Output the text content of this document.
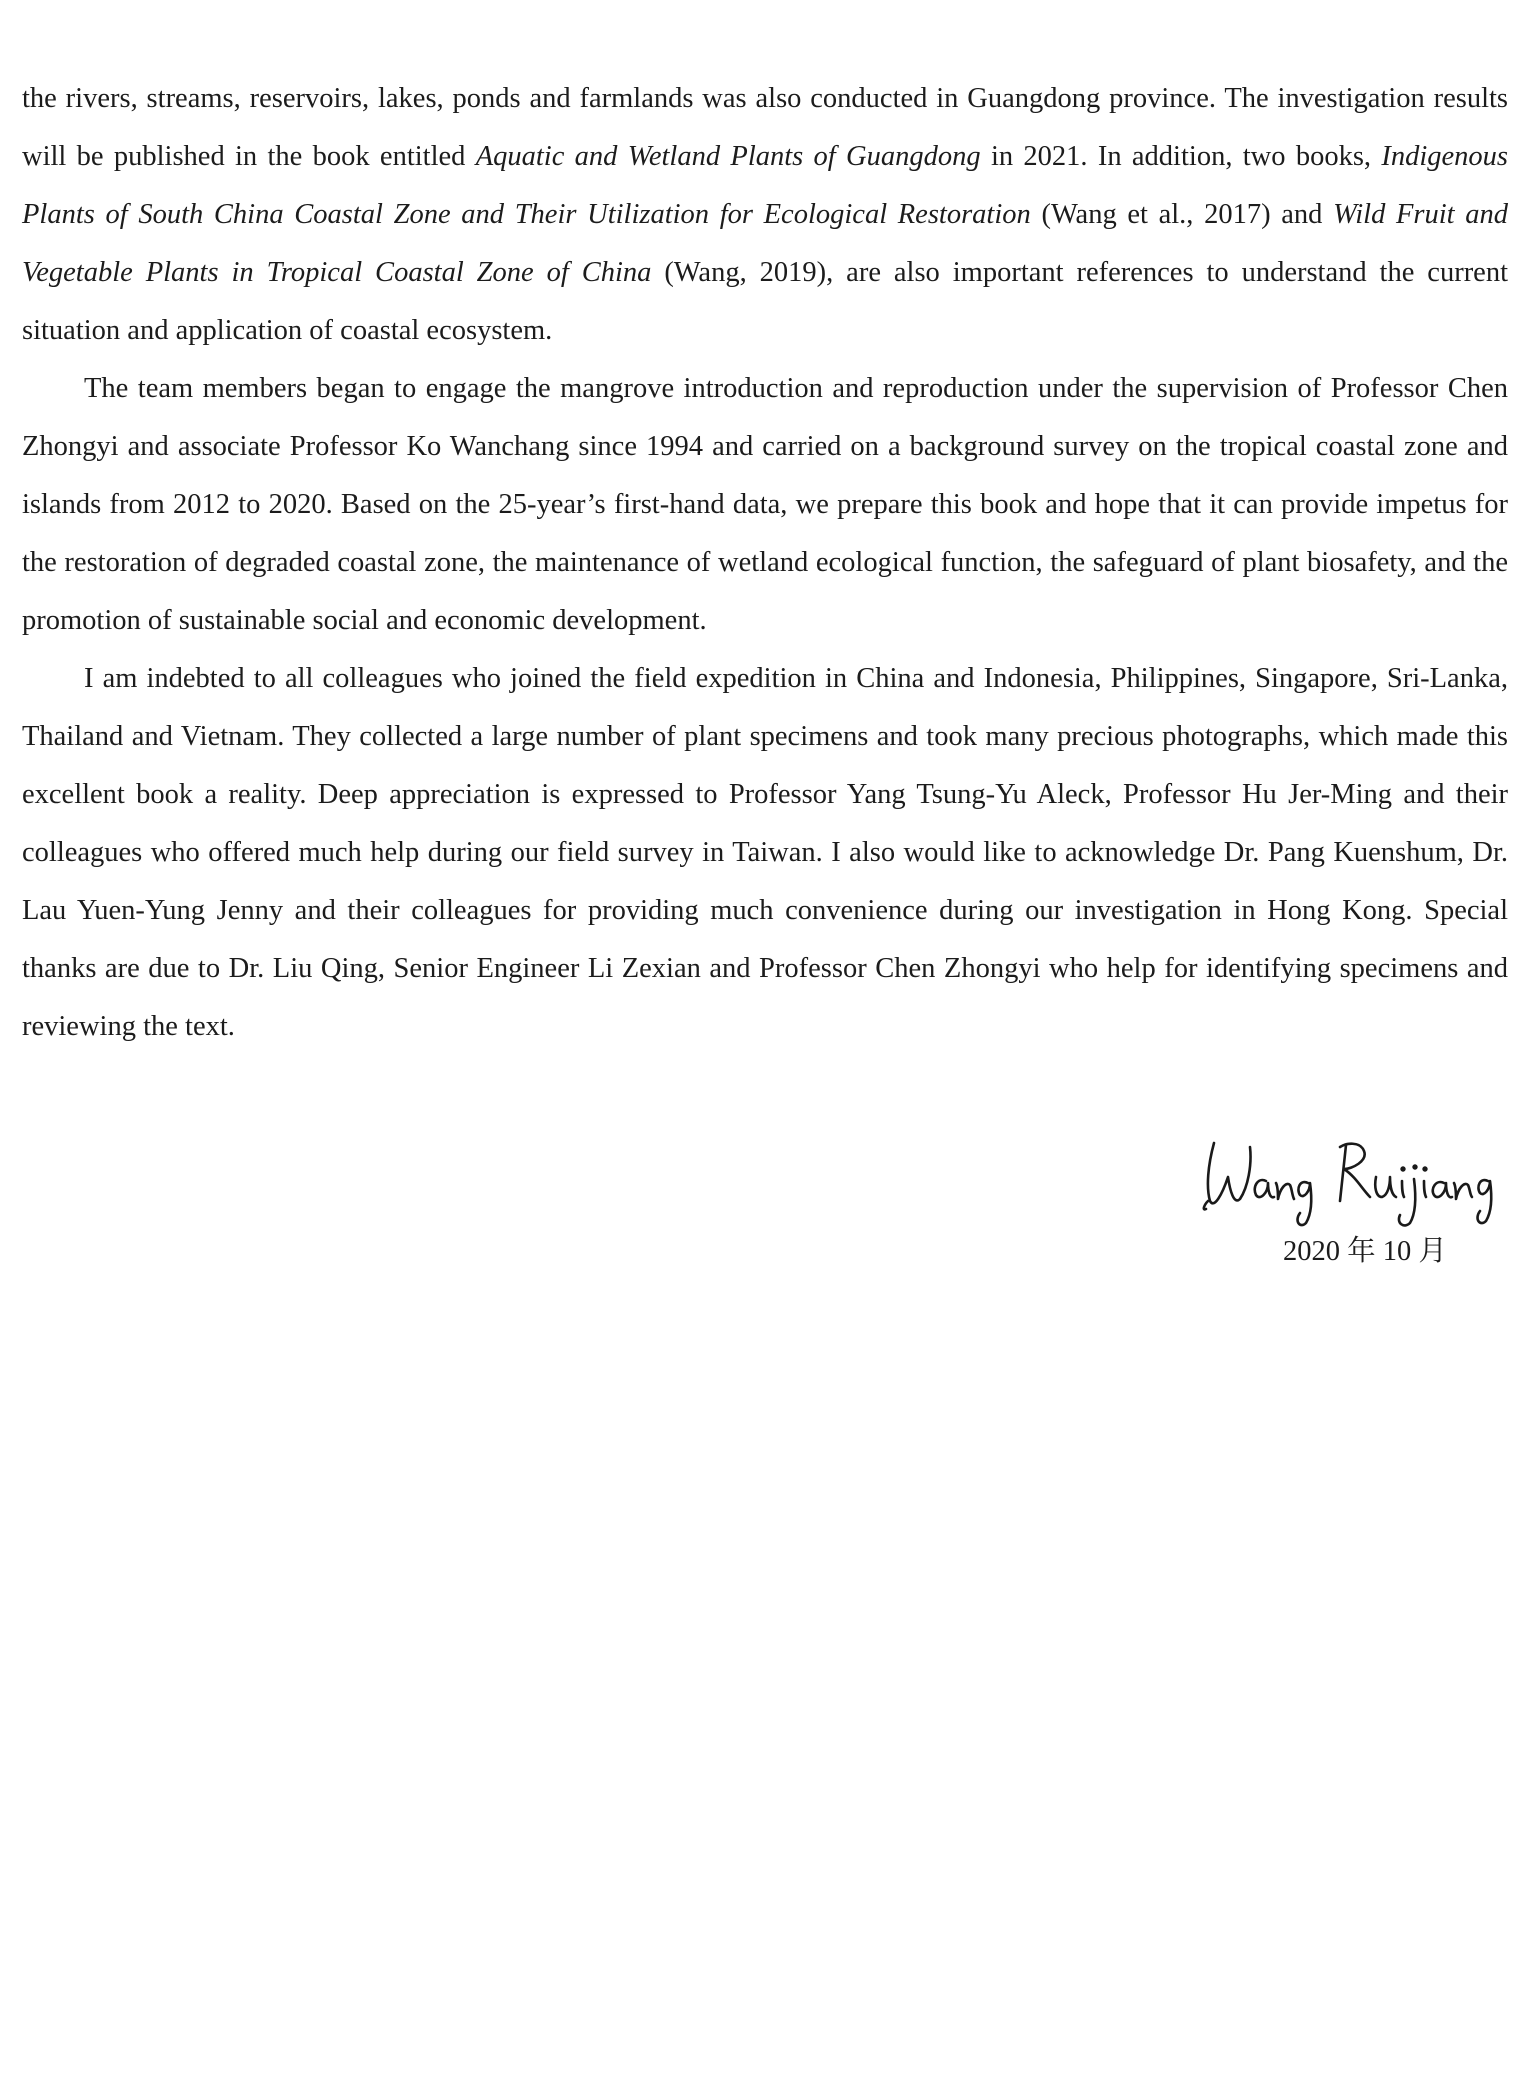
the rivers, streams, reservoirs, lakes, ponds and farmlands was also conducted in Guangdong province. The investigation results will be published in the book entitled Aquatic and Wetland Plants of Guangdong in 2021. In addition, two books, Indigenous Plants of South China Coastal Zone and Their Utilization for Ecological Restoration (Wang et al., 2017) and Wild Fruit and Vegetable Plants in Tropical Coastal Zone of China (Wang, 2019), are also important references to understand the current situation and application of coastal ecosystem.

The team members began to engage the mangrove introduction and reproduction under the supervision of Professor Chen Zhongyi and associate Professor Ko Wanchang since 1994 and carried on a background survey on the tropical coastal zone and islands from 2012 to 2020. Based on the 25-year’s first-hand data, we prepare this book and hope that it can provide impetus for the restoration of degraded coastal zone, the maintenance of wetland ecological function, the safeguard of plant biosafety, and the promotion of sustainable social and economic development.

I am indebted to all colleagues who joined the field expedition in China and Indonesia, Philippines, Singapore, Sri-Lanka, Thailand and Vietnam. They collected a large number of plant specimens and took many precious photographs, which made this excellent book a reality. Deep appreciation is expressed to Professor Yang Tsung-Yu Aleck, Professor Hu Jer-Ming and their colleagues who offered much help during our field survey in Taiwan. I also would like to acknowledge Dr. Pang Kuenshum, Dr. Lau Yuen-Yung Jenny and their colleagues for providing much convenience during our investigation in Hong Kong. Special thanks are due to Dr. Liu Qing, Senior Engineer Li Zexian and Professor Chen Zhongyi who help for identifying specimens and reviewing the text.

2020 年 10 月
